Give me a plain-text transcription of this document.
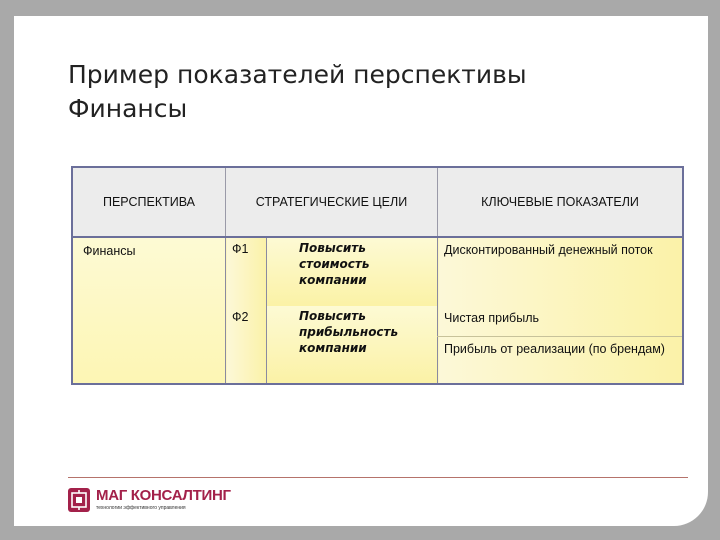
Пример показателей перспективы
Финансы
ПЕРСПЕКТИВА	СТРАТЕГИЧЕСКИЕ ЦЕЛИ		КЛЮЧЕВЫЕ ПОКАЗАТЕЛИ
Финансы	Ф1	Повысить стоимость компании	Дисконтированный денежный поток
	Ф2	Повысить прибыльность компании	Чистая прибыль
			Прибыль от реализации (по брендам)
МАГ КОНСАЛТИНГ
технологии эффективного управления
